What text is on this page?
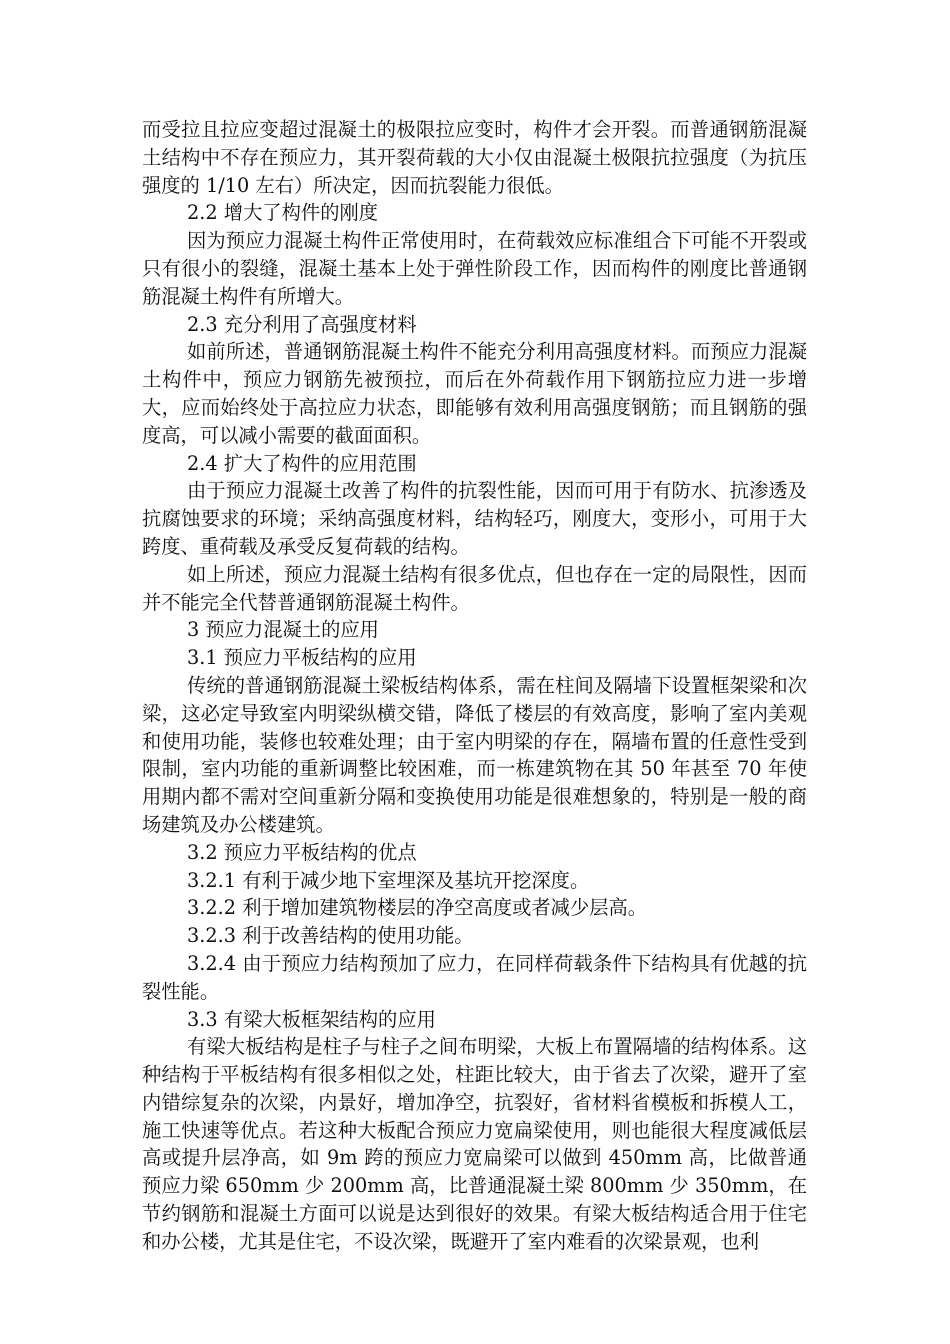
而受拉且拉应变超过混凝土的极限拉应变时，构件才会开裂。而普通钢筋混凝土结构中不存在预应力，其开裂荷载的大小仅由混凝土极限抗拉强度（为抗压强度的 1/10 左右）所决定，因而抗裂能力很低。

2.2 增大了构件的刚度

因为预应力混凝土构件正常使用时，在荷载效应标准组合下可能不开裂或只有很小的裂缝，混凝土基本上处于弹性阶段工作，因而构件的刚度比普通钢筋混凝土构件有所增大。

2.3 充分利用了高强度材料

如前所述，普通钢筋混凝土构件不能充分利用高强度材料。而预应力混凝土构件中，预应力钢筋先被预拉，而后在外荷载作用下钢筋拉应力进一步增大，应而始终处于高拉应力状态，即能够有效利用高强度钢筋；而且钢筋的强度高，可以减小需要的截面面积。

2.4 扩大了构件的应用范围

由于预应力混凝土改善了构件的抗裂性能，因而可用于有防水、抗渗透及抗腐蚀要求的环境；采纳高强度材料，结构轻巧，刚度大，变形小，可用于大跨度、重荷载及承受反复荷载的结构。

如上所述，预应力混凝土结构有很多优点，但也存在一定的局限性，因而并不能完全代替普通钢筋混凝土构件。

3 预应力混凝土的应用

3.1 预应力平板结构的应用

传统的普通钢筋混凝土梁板结构体系，需在柱间及隔墙下设置框架梁和次梁，这必定导致室内明梁纵横交错，降低了楼层的有效高度，影响了室内美观和使用功能，装修也较难处理；由于室内明梁的存在，隔墙布置的任意性受到限制，室内功能的重新调整比较困难，而一栋建筑物在其 50 年甚至 70 年使用期内都不需对空间重新分隔和变换使用功能是很难想象的，特别是一般的商场建筑及办公楼建筑。

3.2 预应力平板结构的优点

3.2.1 有利于减少地下室埋深及基坑开挖深度。

3.2.2 利于增加建筑物楼层的净空高度或者减少层高。

3.2.3 利于改善结构的使用功能。

3.2.4 由于预应力结构预加了应力，在同样荷载条件下结构具有优越的抗裂性能。

3.3 有梁大板框架结构的应用

有梁大板结构是柱子与柱子之间布明梁，大板上布置隔墙的结构体系。这种结构于平板结构有很多相似之处，柱距比较大，由于省去了次梁，避开了室内错综复杂的次梁，内景好，增加净空，抗裂好，省材料省模板和拆模人工，施工快速等优点。若这种大板配合预应力宽扁梁使用，则也能很大程度减低层高或提升层净高，如 9m 跨的预应力宽扁梁可以做到 450mm 高，比做普通预应力梁 650mm 少 200mm 高，比普通混凝土梁 800mm 少 350mm，在节约钢筋和混凝土方面可以说是达到很好的效果。有梁大板结构适合用于住宅和办公楼，尤其是住宅，不设次梁，既避开了室内难看的次梁景观，也利
